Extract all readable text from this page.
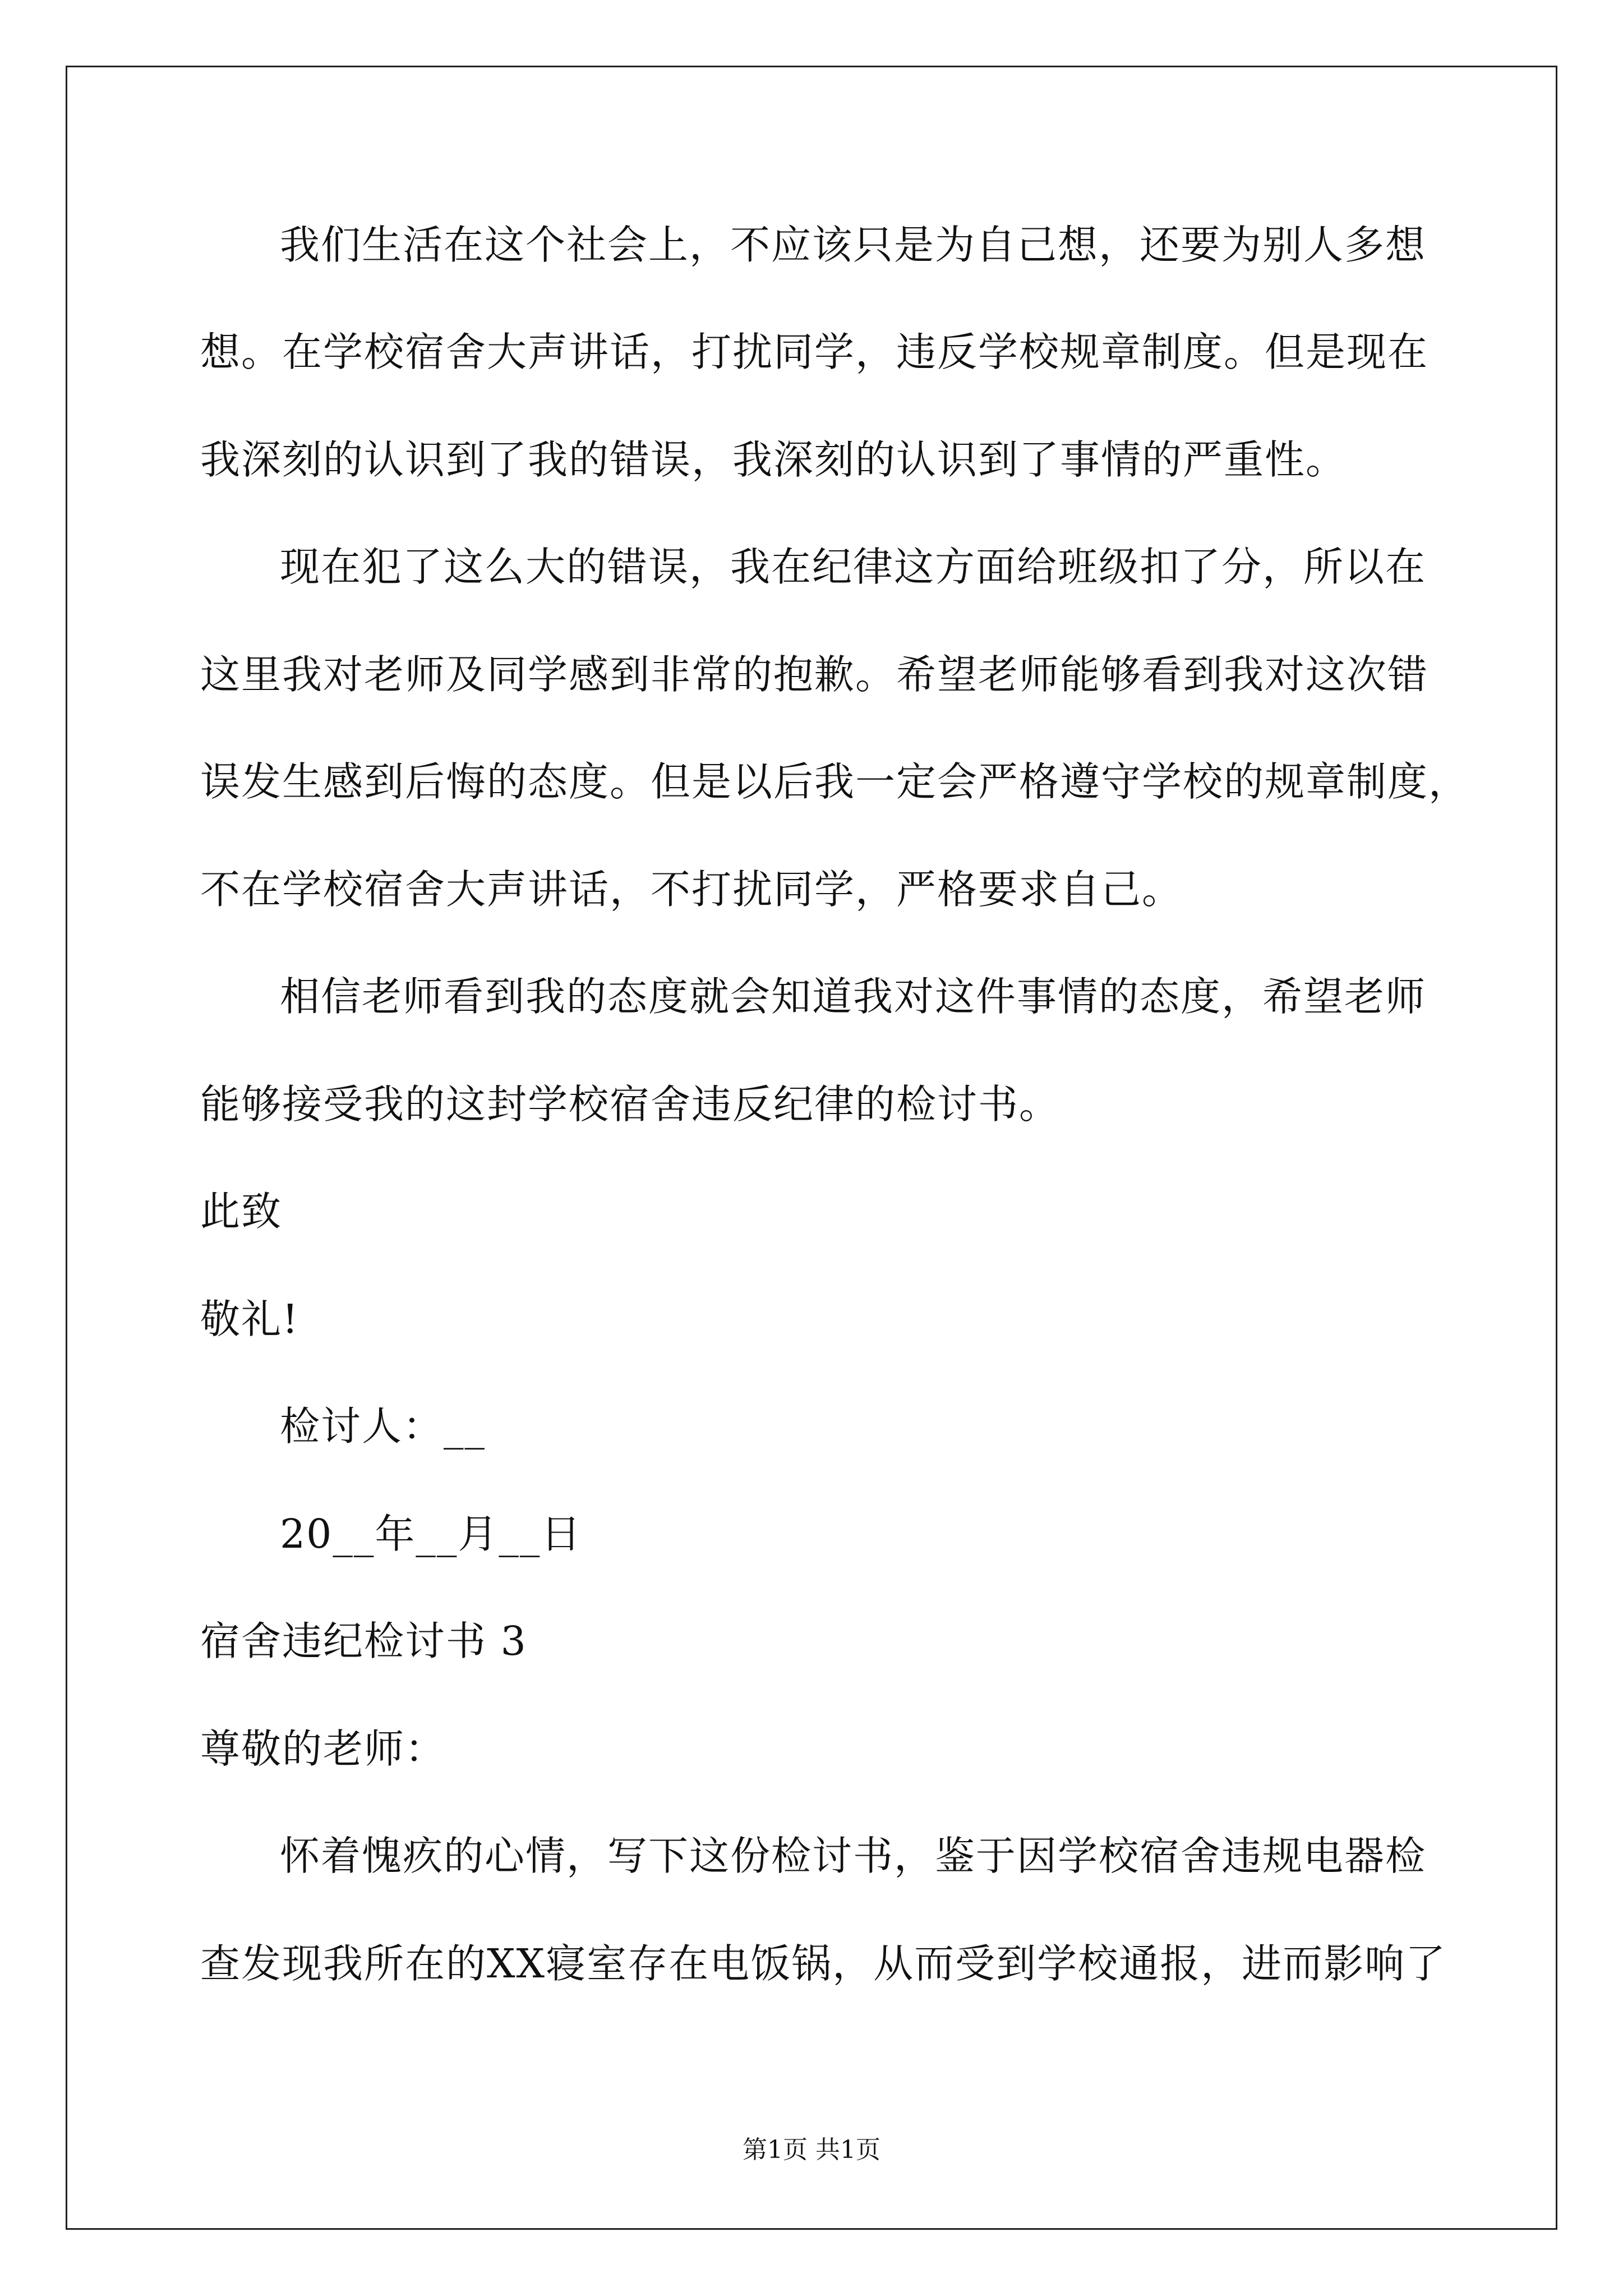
我们生活在这个社会上，不应该只是为自己想，还要为别人多想
想。在学校宿舍大声讲话，打扰同学，违反学校规章制度。但是现在
我深刻的认识到了我的错误，我深刻的认识到了事情的严重性。
现在犯了这么大的错误，我在纪律这方面给班级扣了分，所以在
这里我对老师及同学感到非常的抱歉。希望老师能够看到我对这次错
误发生感到后悔的态度。但是以后我一定会严格遵守学校的规章制度，
不在学校宿舍大声讲话，不打扰同学，严格要求自己。
相信老师看到我的态度就会知道我对这件事情的态度，希望老师
能够接受我的这封学校宿舍违反纪律的检讨书。
此致
敬礼!
检讨人：__
20__年__月__日
宿舍违纪检讨书 3
尊敬的老师：
怀着愧疚的心情，写下这份检讨书，鉴于因学校宿舍违规电器检
查发现我所在的XX寝室存在电饭锅，从而受到学校通报，进而影响了
第1页 共1页
